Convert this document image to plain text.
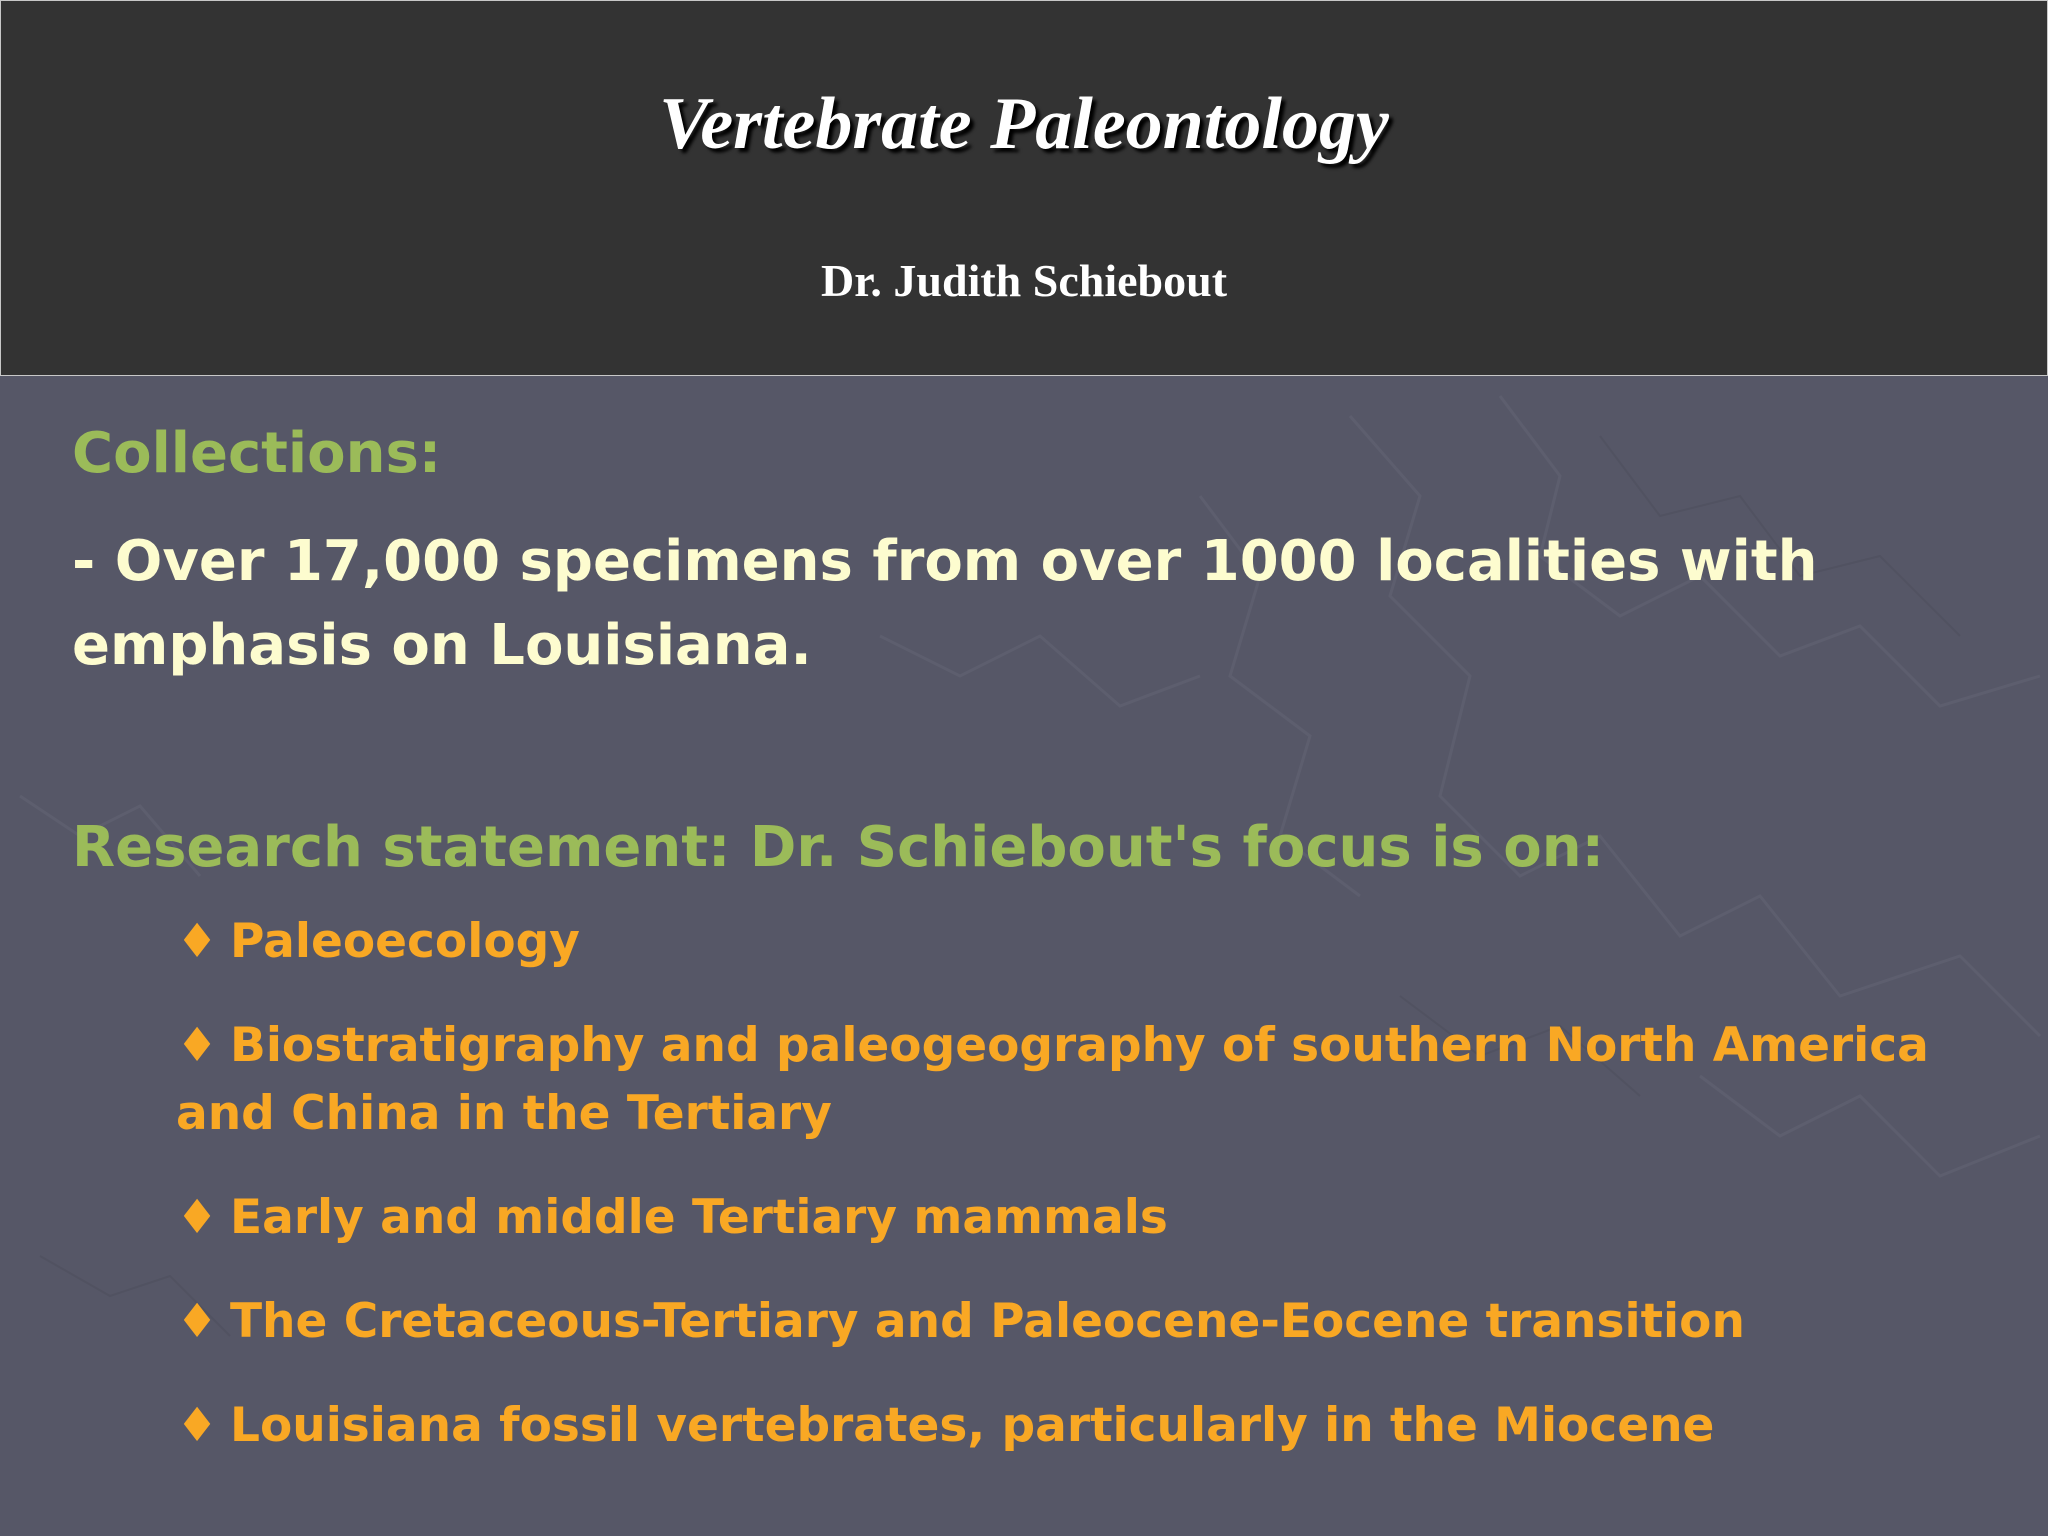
Vertebrate Paleontology
Dr. Judith Schiebout

Collections:

- Over 17,000 specimens from over 1000 localities with emphasis on Louisiana.

Research statement: Dr. Schiebout's focus is on:

♦ Paleoecology
♦ Biostratigraphy and paleogeography of southern North America and China in the Tertiary
♦ Early and middle Tertiary mammals
♦ The Cretaceous-Tertiary and Paleocene-Eocene transition
♦ Louisiana fossil vertebrates, particularly in the Miocene
